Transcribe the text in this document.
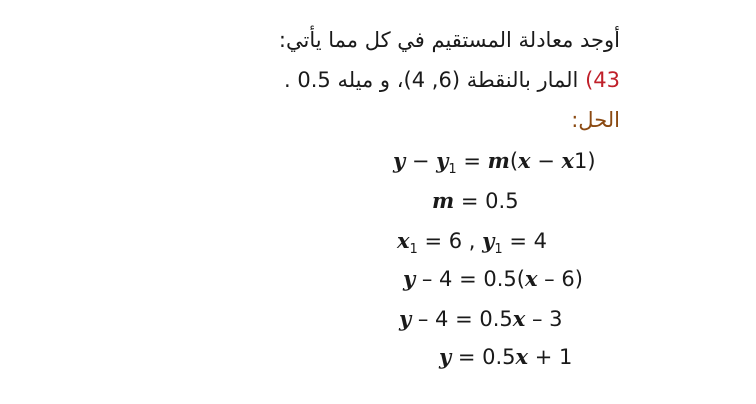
أوجد معادلة المستقيم في كل مما يأتي:
43) المار بالنقطة (6, 4)، و ميله 0.5 .
الحل:
$y - y_1 = m(x - x1)$
m = 0.5
$x_1 = 6$ , $y_1 = 4$
y – 4 = 0.5(x – 6)
y – 4 = 0.5x – 3
y = 0.5x + 1
